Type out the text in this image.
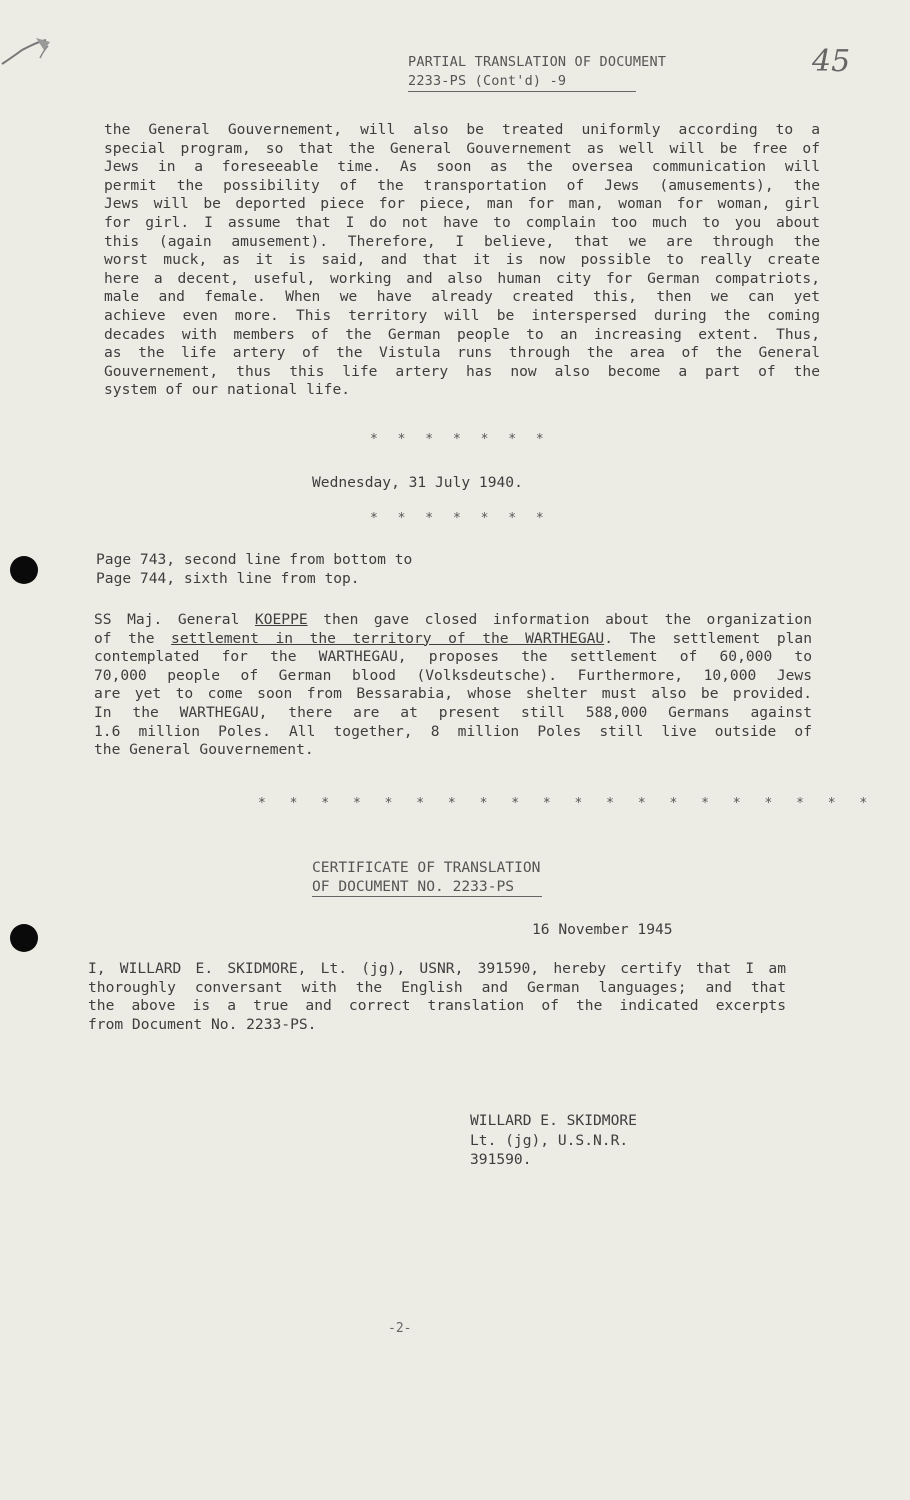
PARTIAL TRANSLATION OF DOCUMENT
2233-PS (Cont'd) -9
45
the General Gouvernement, will also be treated uniformly according to a
special program, so that the General Gouvernement as well will be free of
Jews in a foreseeable time. As soon as the oversea communication will
permit the possibility of the transportation of Jews (amusements), the
Jews will be deported piece for piece, man for man, woman for woman, girl
for girl. I assume that I do not have to complain too much to you about
this (again amusement). Therefore, I believe, that we are through the
worst muck, as it is said, and that it is now possible to really create
here a decent, useful, working and also human city for German compatriots,
male and female. When we have already created this, then we can yet
achieve even more. This territory will be interspersed during the coming
decades with members of the German people to an increasing extent. Thus,
as the life artery of the Vistula runs through the area of the General
Gouvernement, thus this life artery has now also become a part of the
system of our national life.
* * * * * * *
Wednesday, 31 July 1940.
* * * * * * *
Page 743, second line from bottom to
Page 744, sixth line from top.
SS Maj. General KOEPPE then gave closed information about the organization
of the settlement in the territory of the WARTHEGAU. The settlement plan
contemplated for the WARTHEGAU, proposes the settlement of 60,000 to
70,000 people of German blood (Volksdeutsche). Furthermore, 10,000 Jews
are yet to come soon from Bessarabia, whose shelter must also be provided.
In the WARTHEGAU, there are at present still 588,000 Germans against
1.6 million Poles. All together, 8 million Poles still live outside of
the General Gouvernement.
* * * * * * * * * * * * * * * * * * * *
CERTIFICATE OF TRANSLATION
OF DOCUMENT NO. 2233-PS
16 November 1945
I, WILLARD E. SKIDMORE, Lt. (jg), USNR, 391590, hereby certify that I am
thoroughly conversant with the English and German languages; and that
the above is a true and correct translation of the indicated excerpts
from Document No. 2233-PS.
WILLARD E. SKIDMORE
Lt. (jg), U.S.N.R.
391590.
-2-
